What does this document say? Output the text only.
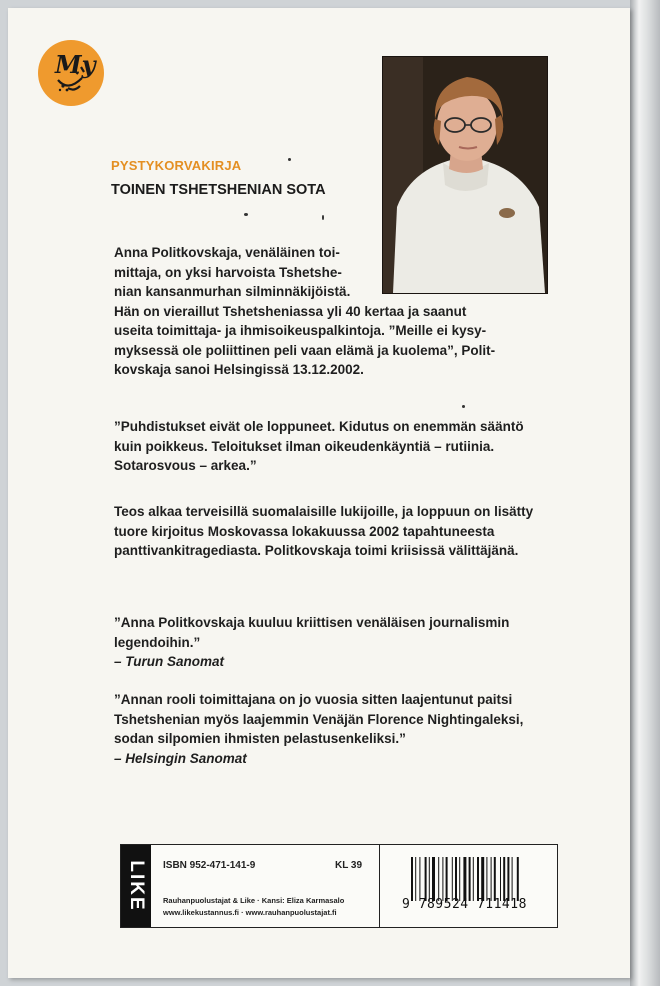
My
PYSTYKORVAKIRJA
TOINEN TSHETSHENIAN SOTA

Anna Politkovskaja, venäläinen toi-
mittaja, on yksi harvoista Tshetshe-
nian kansanmurhan silminnäkijöistä.
Hän on vieraillut Tshetsheniassa yli 40 kertaa ja saanut
useita toimittaja- ja ihmisoikeuspalkintoja. ”Meille ei kysy-
myksessä ole poliittinen peli vaan elämä ja kuolema”, Polit-
kovskaja sanoi Helsingissä 13.12.2002.

”Puhdistukset eivät ole loppuneet. Kidutus on enemmän sääntö kuin poikkeus. Teloitukset ilman oikeudenkäyntiä – rutiinia. Sotarosvous – arkea.”

Teos alkaa terveisillä suomalaisille lukijoille, ja loppuun on lisätty tuore kirjoitus Moskovassa lokakuussa 2002 tapahtuneesta panttivankitragediasta. Politkovskaja toimi kriisissä välittäjänä.

”Anna Politkovskaja kuuluu kriittisen venäläisen journalismin legendoihin.”
– Turun Sanomat
”Annan rooli toimittajana on jo vuosia sitten laajentunut paitsi Tshetshenian myös laajemmin Venäjän Florence Nightingaleksi, sodan silpomien ihmisten pelastusenkeliksi.”
– Helsingin Sanomat
LIKE ISBN 952-471-141-9	KL 39
Rauhanpuolustajat & Like · Kansi: Eliza Karmasalo
www.likekustannus.fi · www.rauhanpuolustajat.fi
9 789524 711418
